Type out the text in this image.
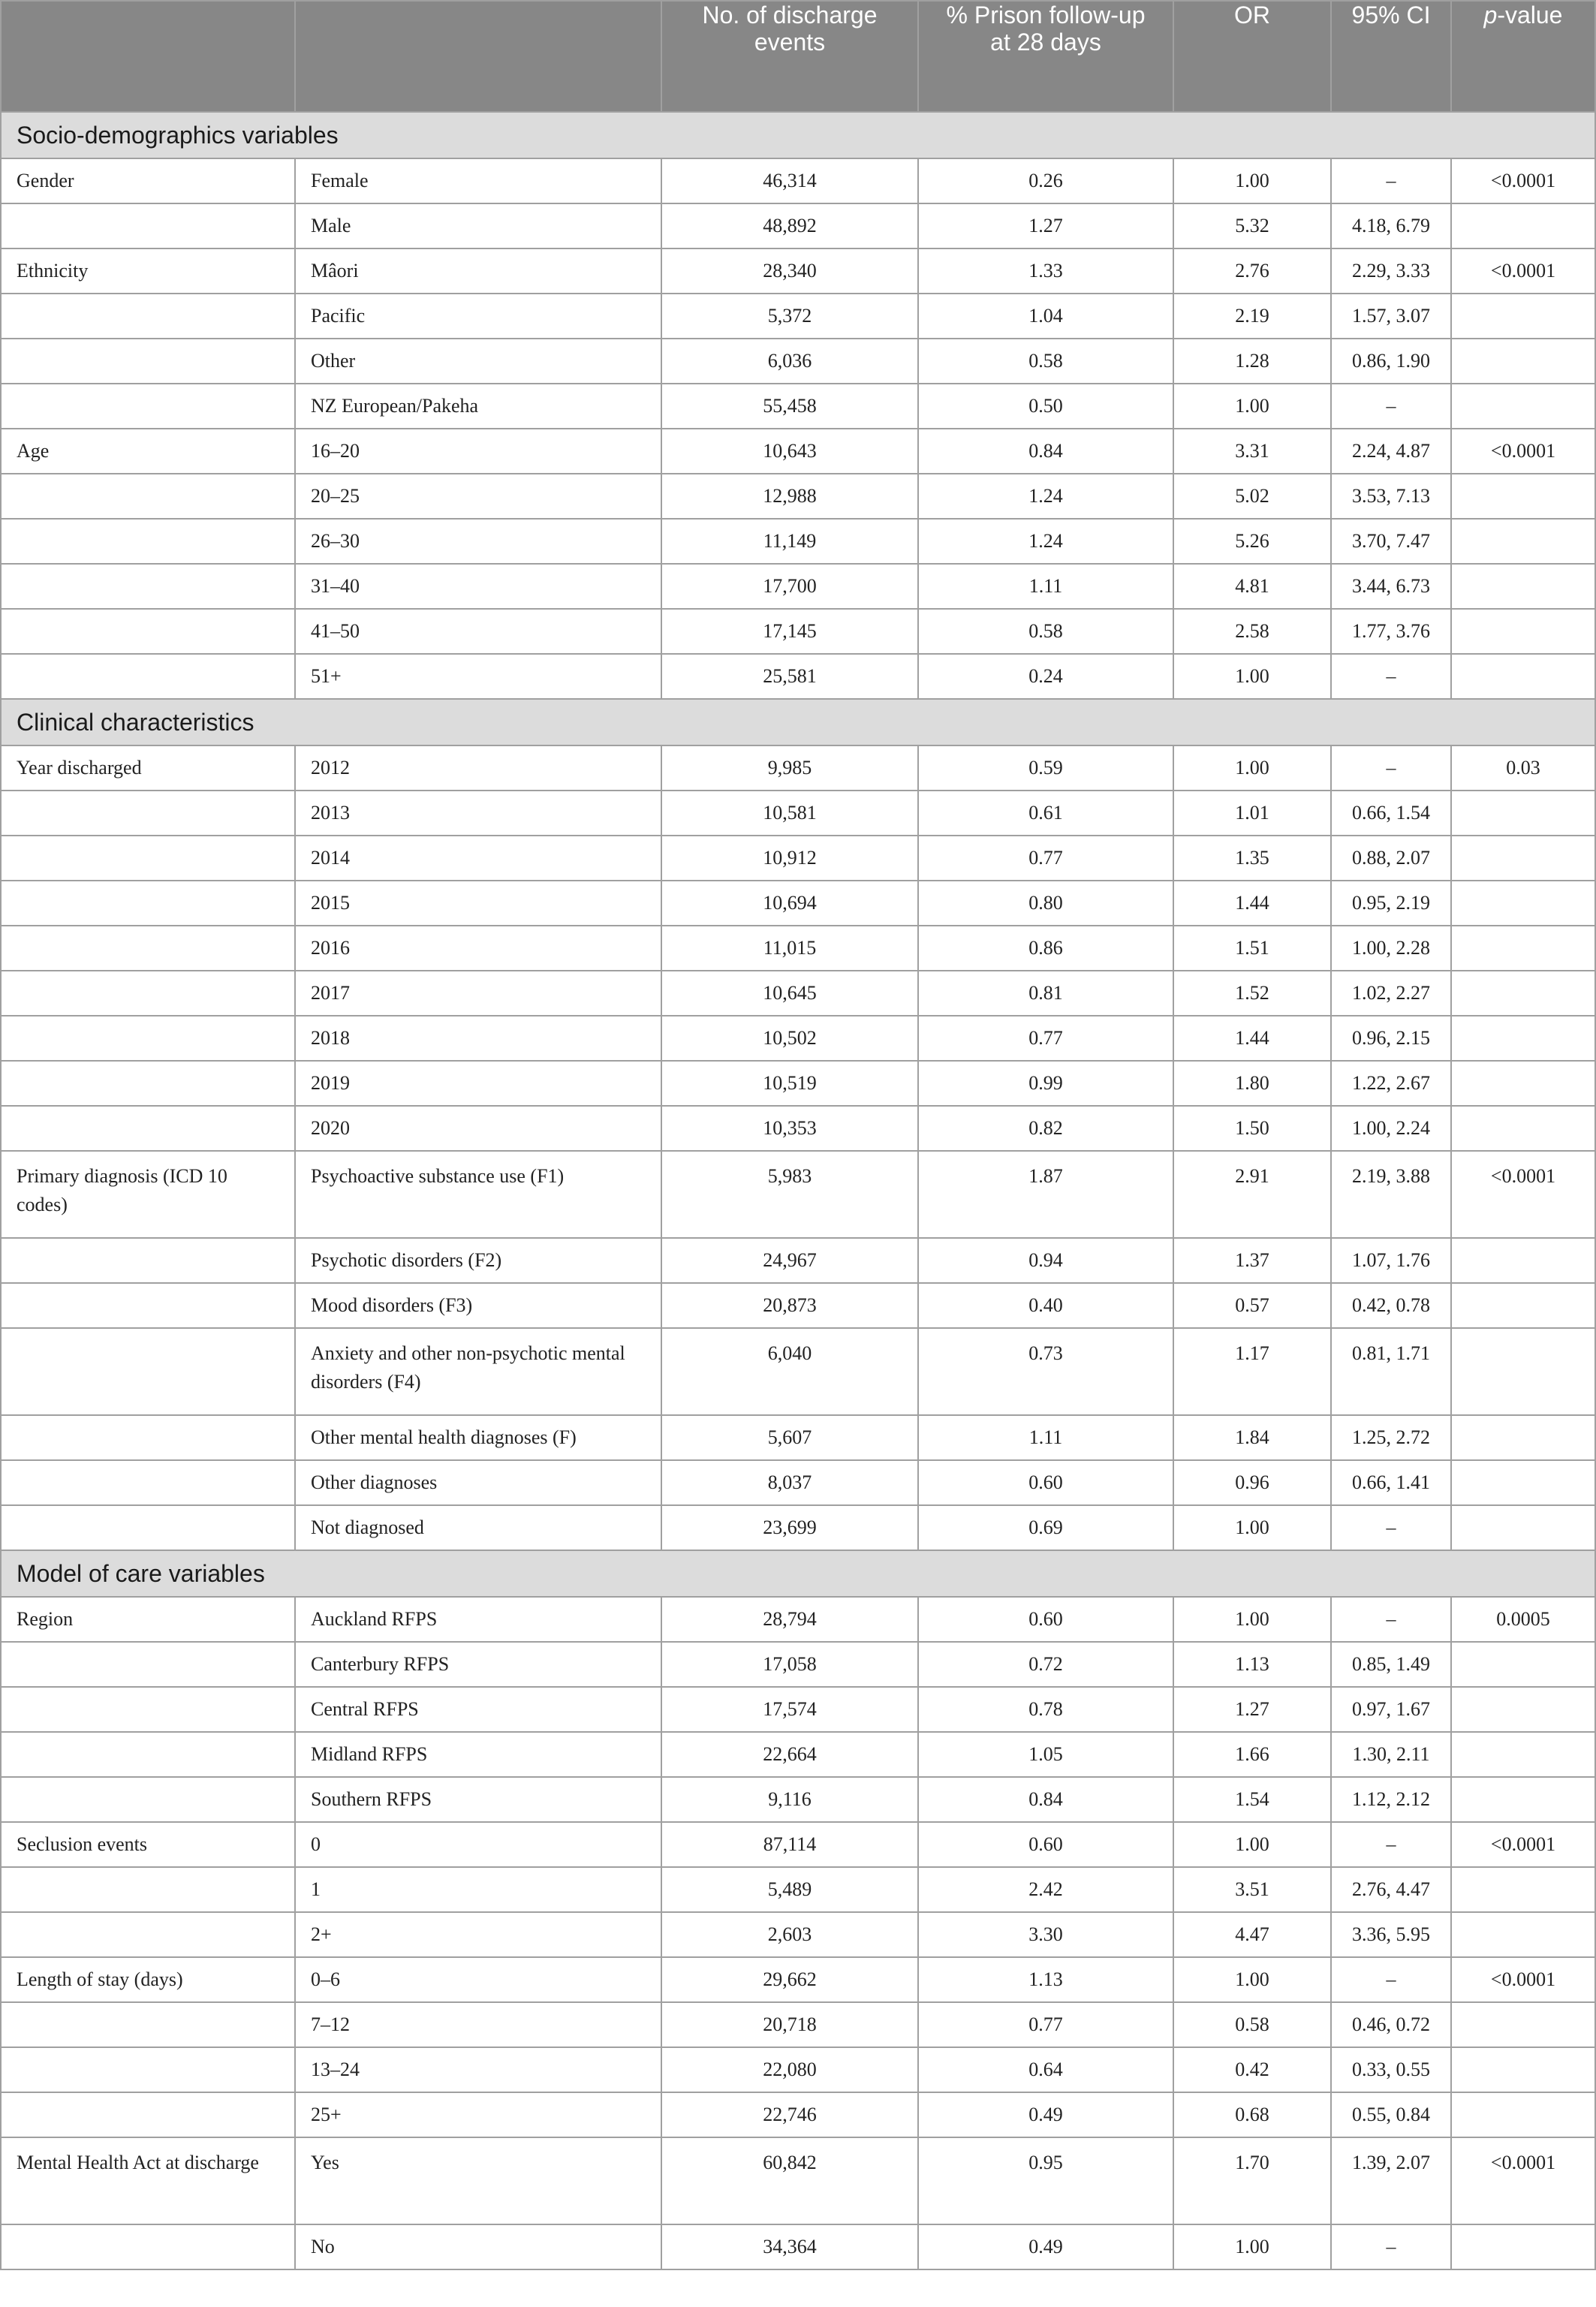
		No. of discharge events	% Prison follow-up at 28 days	OR	95% CI	p-value
Socio-demographics variables						
Gender	Female	46,314	0.26	1.00	–	<0.0001
	Male	48,892	1.27	5.32	4.18, 6.79	
Ethnicity	Mâori	28,340	1.33	2.76	2.29, 3.33	<0.0001
	Pacific	5,372	1.04	2.19	1.57, 3.07	
	Other	6,036	0.58	1.28	0.86, 1.90	
	NZ European/Pakeha	55,458	0.50	1.00	–	
Age	16–20	10,643	0.84	3.31	2.24, 4.87	<0.0001
	20–25	12,988	1.24	5.02	3.53, 7.13	
	26–30	11,149	1.24	5.26	3.70, 7.47	
	31–40	17,700	1.11	4.81	3.44, 6.73	
	41–50	17,145	0.58	2.58	1.77, 3.76	
	51+	25,581	0.24	1.00	–	
Clinical characteristics						
Year discharged	2012	9,985	0.59	1.00	–	0.03
	2013	10,581	0.61	1.01	0.66, 1.54	
	2014	10,912	0.77	1.35	0.88, 2.07	
	2015	10,694	0.80	1.44	0.95, 2.19	
	2016	11,015	0.86	1.51	1.00, 2.28	
	2017	10,645	0.81	1.52	1.02, 2.27	
	2018	10,502	0.77	1.44	0.96, 2.15	
	2019	10,519	0.99	1.80	1.22, 2.67	
	2020	10,353	0.82	1.50	1.00, 2.24	
Primary diagnosis (ICD 10 codes)	Psychoactive substance use (F1)	5,983	1.87	2.91	2.19, 3.88	<0.0001
	Psychotic disorders (F2)	24,967	0.94	1.37	1.07, 1.76	
	Mood disorders (F3)	20,873	0.40	0.57	0.42, 0.78	
	Anxiety and other non-psychotic mental disorders (F4)	6,040	0.73	1.17	0.81, 1.71	
	Other mental health diagnoses (F)	5,607	1.11	1.84	1.25, 2.72	
	Other diagnoses	8,037	0.60	0.96	0.66, 1.41	
	Not diagnosed	23,699	0.69	1.00	–	
Model of care variables						
Region	Auckland RFPS	28,794	0.60	1.00	–	0.0005
	Canterbury RFPS	17,058	0.72	1.13	0.85, 1.49	
	Central RFPS	17,574	0.78	1.27	0.97, 1.67	
	Midland RFPS	22,664	1.05	1.66	1.30, 2.11	
	Southern RFPS	9,116	0.84	1.54	1.12, 2.12	
Seclusion events	0	87,114	0.60	1.00	–	<0.0001
	1	5,489	2.42	3.51	2.76, 4.47	
	2+	2,603	3.30	4.47	3.36, 5.95	
Length of stay (days)	0–6	29,662	1.13	1.00	–	<0.0001
	7–12	20,718	0.77	0.58	0.46, 0.72	
	13–24	22,080	0.64	0.42	0.33, 0.55	
	25+	22,746	0.49	0.68	0.55, 0.84	
Mental Health Act at discharge	Yes	60,842	0.95	1.70	1.39, 2.07	<0.0001
	No	34,364	0.49	1.00	–	
